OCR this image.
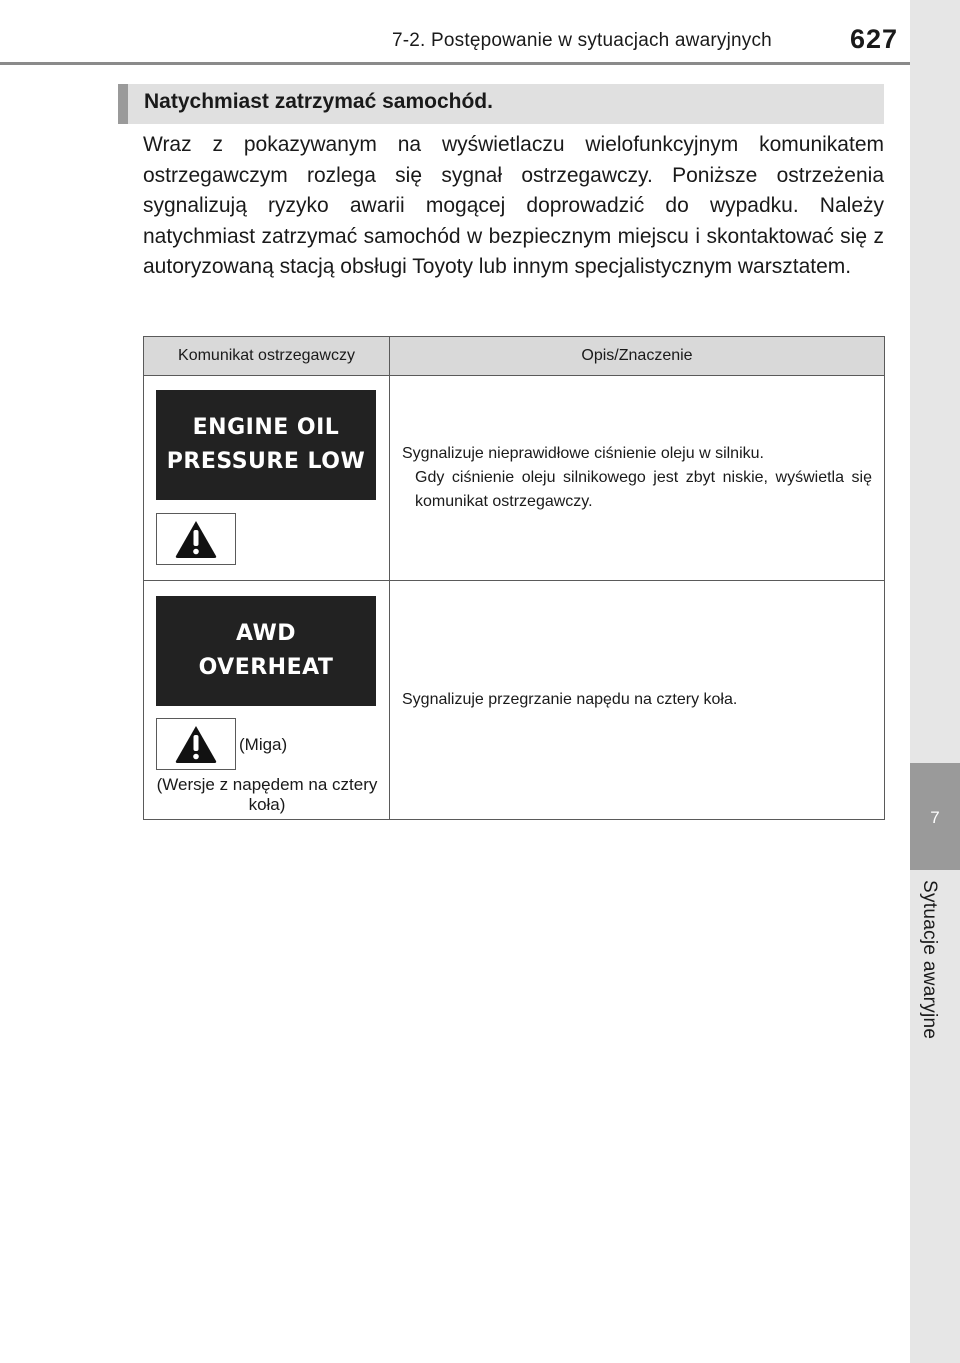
7-2. Postępowanie w sytuacjach awaryjnych	627
7
Sytuacje awaryjne
Natychmiast zatrzymać samochód.

Wraz z pokazywanym na wyświetlaczu wielofunkcyjnym komunikatem ostrzegawczym rozlega się sygnał ostrzegawczy. Poniższe ostrzeżenia sygnalizują ryzyko awarii mogącej doprowadzić do wypadku. Należy natychmiast zatrzymać samochód w bezpiecznym miejscu i skontaktować się z autoryzowaną stacją obsługi Toyoty lub innym specjalistycznym warsztatem.

Komunikat ostrzegawczy	Opis/Znaczenie

ENGINE OIL
PRESSURE LOW	Sygnalizuje nieprawidłowe ciśnienie oleju w silniku.
Gdy ciśnienie oleju silnikowego jest zbyt niskie, wyświetla się komunikat ostrzegawczy.

AWD
OVERHEAT
(Miga)
(Wersje z napędem na cztery koła)	Sygnalizuje przegrzanie napędu na cztery koła.
